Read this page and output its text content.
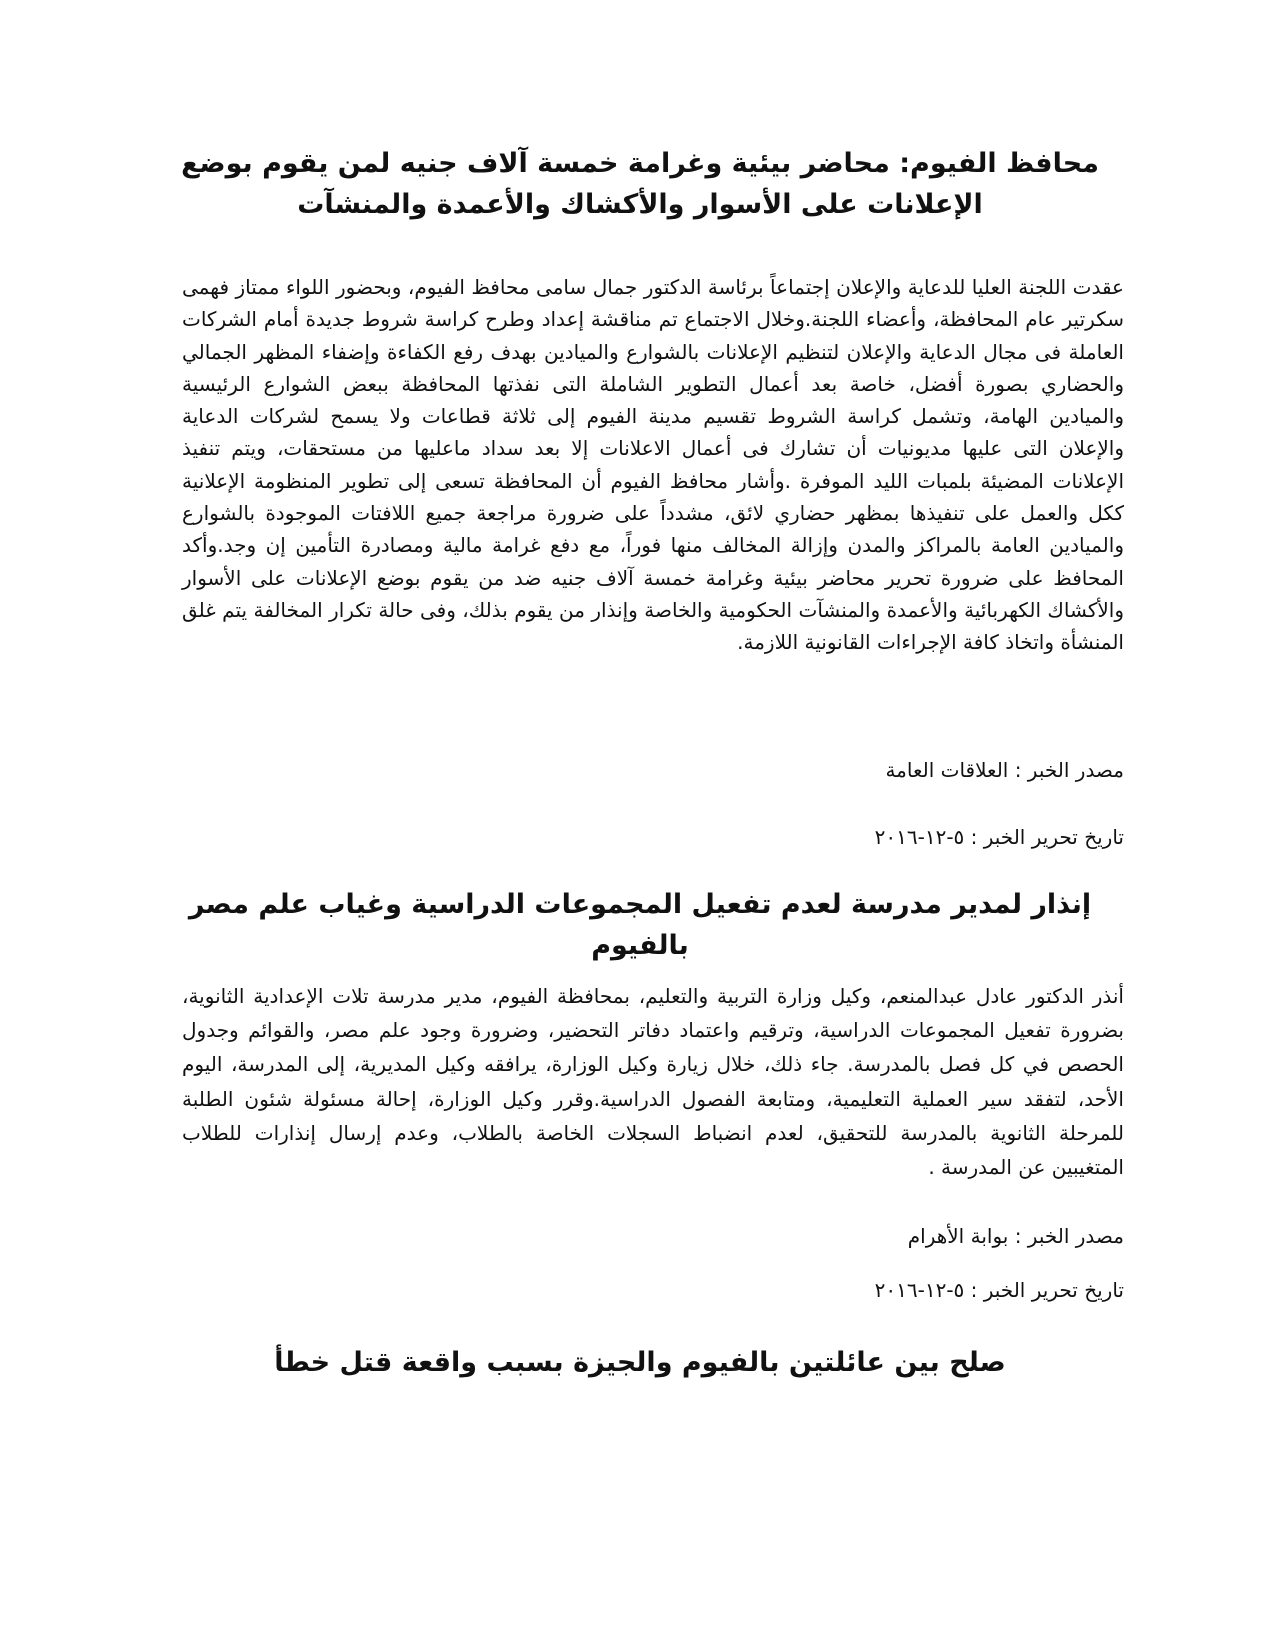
محافظ الفيوم: محاضر بيئية وغرامة خمسة آلاف جنيه لمن يقوم بوضع
الإعلانات على الأسوار والأكشاك والأعمدة والمنشآت

عقدت اللجنة العليا للدعاية والإعلان إجتماعاً برئاسة الدكتور جمال سامى محافظ الفيوم، وبحضور اللواء ممتاز فهمى سكرتير عام المحافظة، وأعضاء اللجنة.وخلال الاجتماع تم مناقشة إعداد وطرح كراسة شروط جديدة أمام الشركات العاملة فى مجال الدعاية والإعلان لتنظيم الإعلانات بالشوارع والميادين بهدف رفع الكفاءة وإضفاء المظهر الجمالي والحضاري بصورة أفضل، خاصة بعد أعمال التطوير الشاملة التى نفذتها المحافظة ببعض الشوارع الرئيسية والميادين الهامة، وتشمل كراسة الشروط تقسيم مدينة الفيوم إلى ثلاثة قطاعات ولا يسمح لشركات الدعاية والإعلان التى عليها مديونيات أن تشارك فى أعمال الاعلانات إلا بعد سداد ماعليها من مستحقات، ويتم تنفيذ الإعلانات المضيئة بلمبات الليد الموفرة .وأشار محافظ الفيوم أن المحافظة تسعى إلى تطوير المنظومة الإعلانية ككل والعمل على تنفيذها بمظهر حضاري لائق، مشدداً على ضرورة مراجعة جميع اللافتات الموجودة بالشوارع والميادين العامة بالمراكز والمدن وإزالة المخالف منها فوراً، مع دفع غرامة مالية ومصادرة التأمين إن وجد.وأكد المحافظ على ضرورة تحرير محاضر بيئية وغرامة خمسة آلاف جنيه ضد من يقوم بوضع الإعلانات على الأسوار والأكشاك الكهربائية والأعمدة والمنشآت الحكومية والخاصة وإنذار من يقوم بذلك، وفى حالة تكرار المخالفة يتم غلق المنشأة واتخاذ كافة الإجراءات القانونية اللازمة.

مصدر الخبر : العلاقات العامة

تاريخ تحرير الخبر : ٥-١٢-٢٠١٦

إنذار لمدير مدرسة لعدم تفعيل المجموعات الدراسية وغياب علم مصر بالفيوم

أنذر الدكتور عادل عبدالمنعم، وكيل وزارة التربية والتعليم، بمحافظة الفيوم، مدير مدرسة تلات الإعدادية الثانوية، بضرورة تفعيل المجموعات الدراسية، وترقيم واعتماد دفاتر التحضير، وضرورة وجود علم مصر، والقوائم وجدول الحصص في كل فصل بالمدرسة. جاء ذلك، خلال زيارة وكيل الوزارة، يرافقه وكيل المديرية، إلى المدرسة، اليوم الأحد، لتفقد سير العملية التعليمية، ومتابعة الفصول الدراسية.وقرر وكيل الوزارة، إحالة مسئولة شئون الطلبة للمرحلة الثانوية بالمدرسة للتحقيق، لعدم انضباط السجلات الخاصة بالطلاب، وعدم إرسال إنذارات للطلاب المتغيبين عن المدرسة .

مصدر الخبر : بوابة الأهرام

تاريخ تحرير الخبر : ٥-١٢-٢٠١٦

صلح بين عائلتين بالفيوم والجيزة بسبب واقعة قتل خطأ
